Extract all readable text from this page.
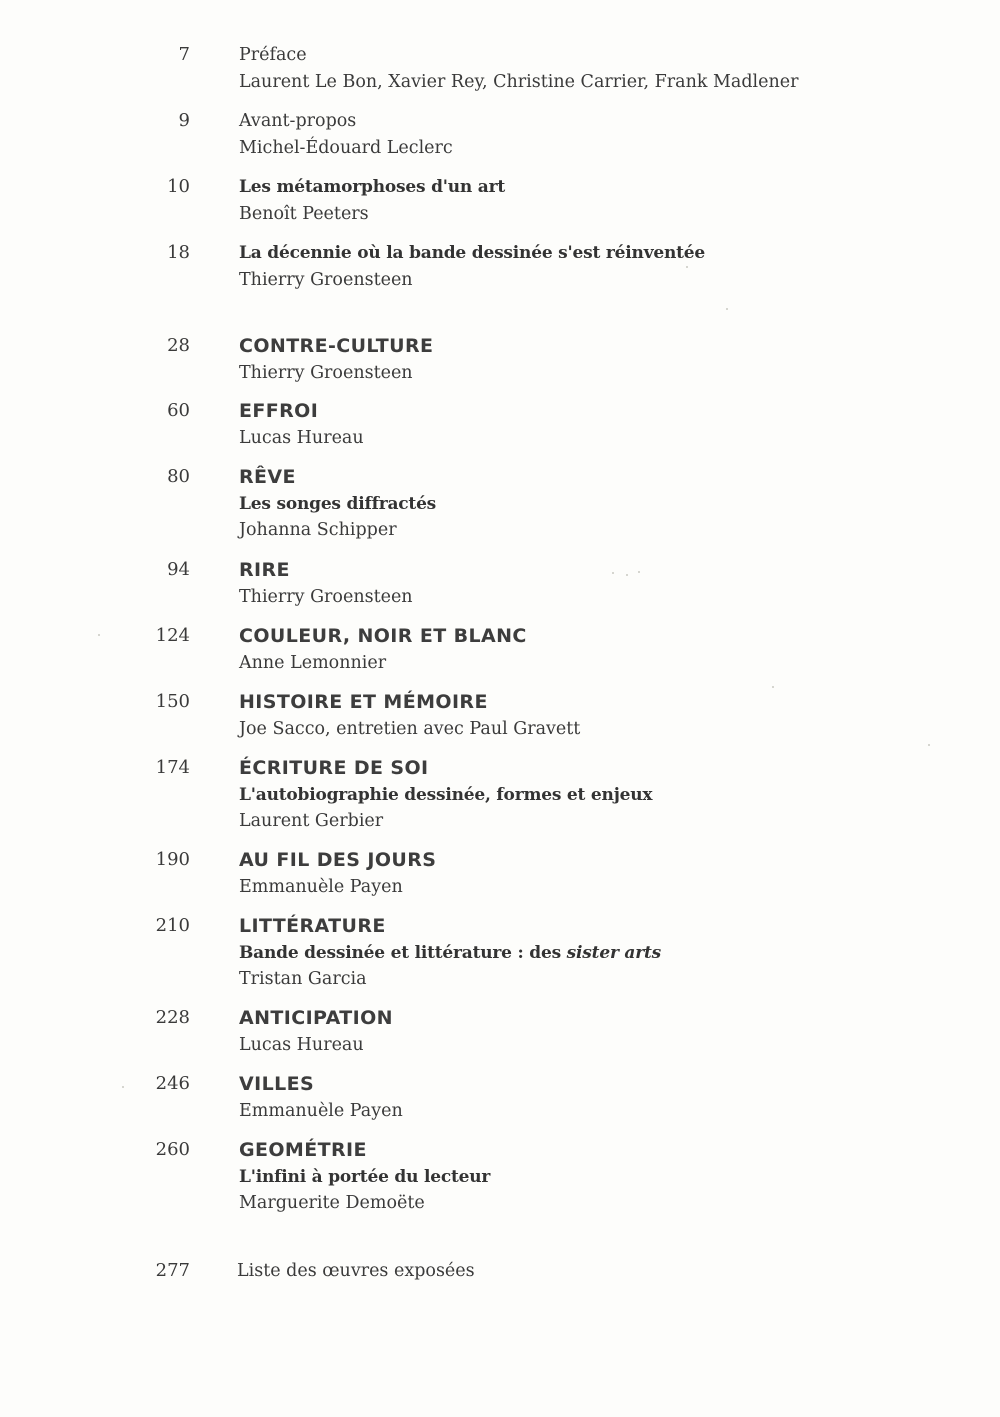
7	Préface
Laurent Le Bon, Xavier Rey, Christine Carrier, Frank Madlener
9	Avant-propos
Michel-Édouard Leclerc
10	Les métamorphoses d'un art
Benoît Peeters
18	La décennie où la bande dessinée s'est réinventée
Thierry Groensteen
28	CONTRE-CULTURE
Thierry Groensteen
60	EFFROI
Lucas Hureau
80	RÊVE
Les songes diffractés
Johanna Schipper
94	RIRE
Thierry Groensteen
124	COULEUR, NOIR ET BLANC
Anne Lemonnier
150	HISTOIRE ET MÉMOIRE
Joe Sacco, entretien avec Paul Gravett
174	ÉCRITURE DE SOI
L'autobiographie dessinée, formes et enjeux
Laurent Gerbier
190	AU FIL DES JOURS
Emmanuèle Payen
210	LITTÉRATURE
Bande dessinée et littérature : des sister arts
Tristan Garcia
228	ANTICIPATION
Lucas Hureau
246	VILLES
Emmanuèle Payen
260	GEOMÉTRIE
L'infini à portée du lecteur
Marguerite Demoëte
277	Liste des œuvres exposées
